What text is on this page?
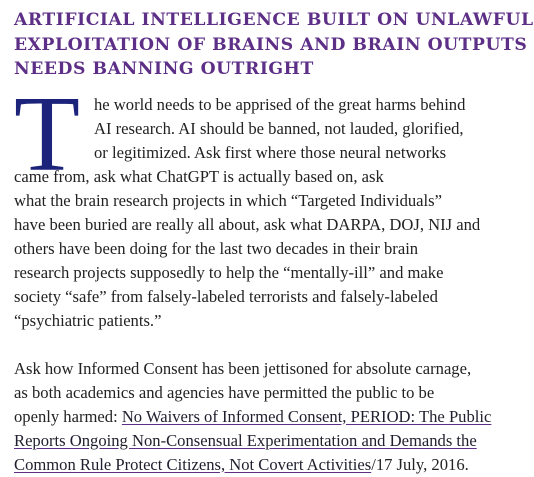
ARTIFICIAL INTELLIGENCE BUILT ON UNLAWFUL
EXPLOITATION OF BRAINS AND BRAIN OUTPUTS
NEEDS BANNING OUTRIGHT
T he world needs to be apprised of the great harms behind
AI research. AI should be banned, not lauded, glorified,
or legitimized. Ask first where those neural networks
came from, ask what ChatGPT is actually based on, ask
what the brain research projects in which “Targeted Individuals”
have been buried are really all about, ask what DARPA, DOJ, NIJ and
others have been doing for the last two decades in their brain
research projects supposedly to help the “mentally-ill” and make
society “safe” from falsely-labeled terrorists and falsely-labeled
“psychiatric patients.”
Ask how Informed Consent has been jettisoned for absolute carnage,
as both academics and agencies have permitted the public to be
openly harmed: No Waivers of Informed Consent, PERIOD: The Public
Reports Ongoing Non-Consensual Experimentation and Demands the
Common Rule Protect Citizens, Not Covert Activities/17 July, 2016.
